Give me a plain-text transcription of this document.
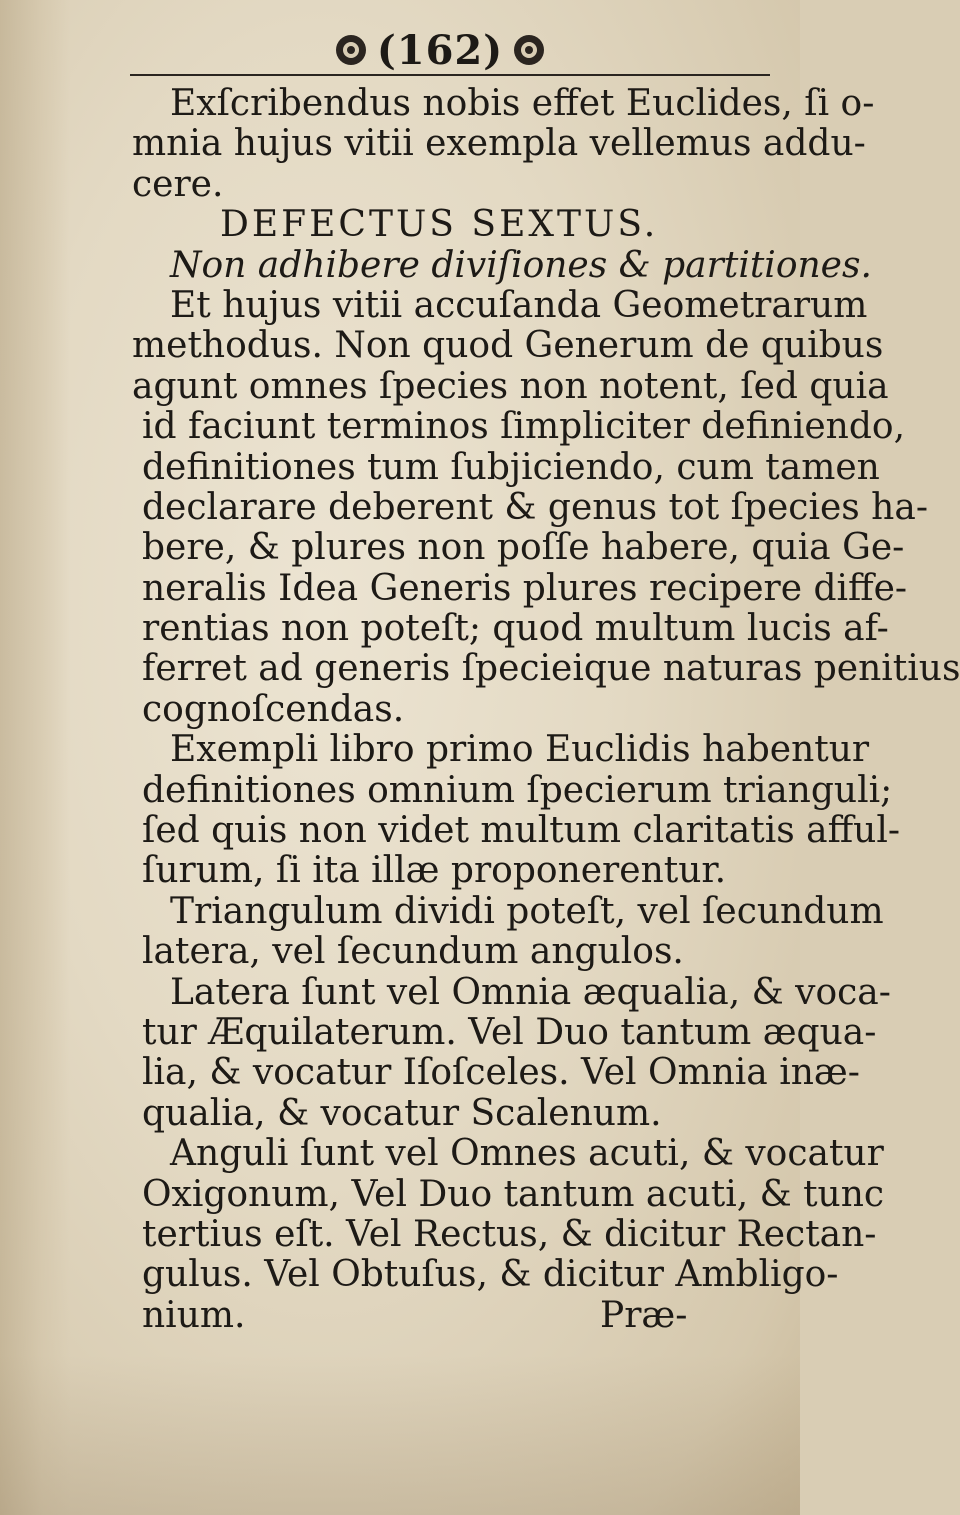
(162)
Exſcribendus nobis effet Euclides, ſi o-
mnia hujus vitii exempla vellemus addu-
cere.
DEFECTUS SEXTUS.
Non adhibere diviſiones & partitiones.
Et hujus vitii accuſanda Geometrarum
methodus. Non quod Generum de quibus
agunt omnes ſpecies non notent, ſed quia
id faciunt terminos ſimpliciter definiendo,
definitiones tum ſubjiciendo, cum tamen
declarare deberent & genus tot ſpecies ha-
bere, & plures non poſſe habere, quia Ge-
neralis Idea Generis plures recipere diffe-
rentias non poteſt; quod multum lucis af-
ferret ad generis ſpecieique naturas penitius
cognoſcendas.
Exempli libro primo Euclidis habentur
definitiones omnium ſpecierum trianguli;
ſed quis non videt multum claritatis afful-
ſurum, ſi ita illæ proponerentur.
Triangulum dividi poteſt, vel ſecundum
latera, vel ſecundum angulos.
Latera ſunt vel Omnia æqualia, & voca-
tur Æquilaterum. Vel Duo tantum æqua-
lia, & vocatur Iſoſceles. Vel Omnia inæ-
qualia, & vocatur Scalenum.
Anguli ſunt vel Omnes acuti, & vocatur
Oxigonum, Vel Duo tantum acuti, & tunc
tertius eſt. Vel Rectus, & dicitur Rectan-
gulus. Vel Obtuſus, & dicitur Ambligo-
nium.	Præ-
